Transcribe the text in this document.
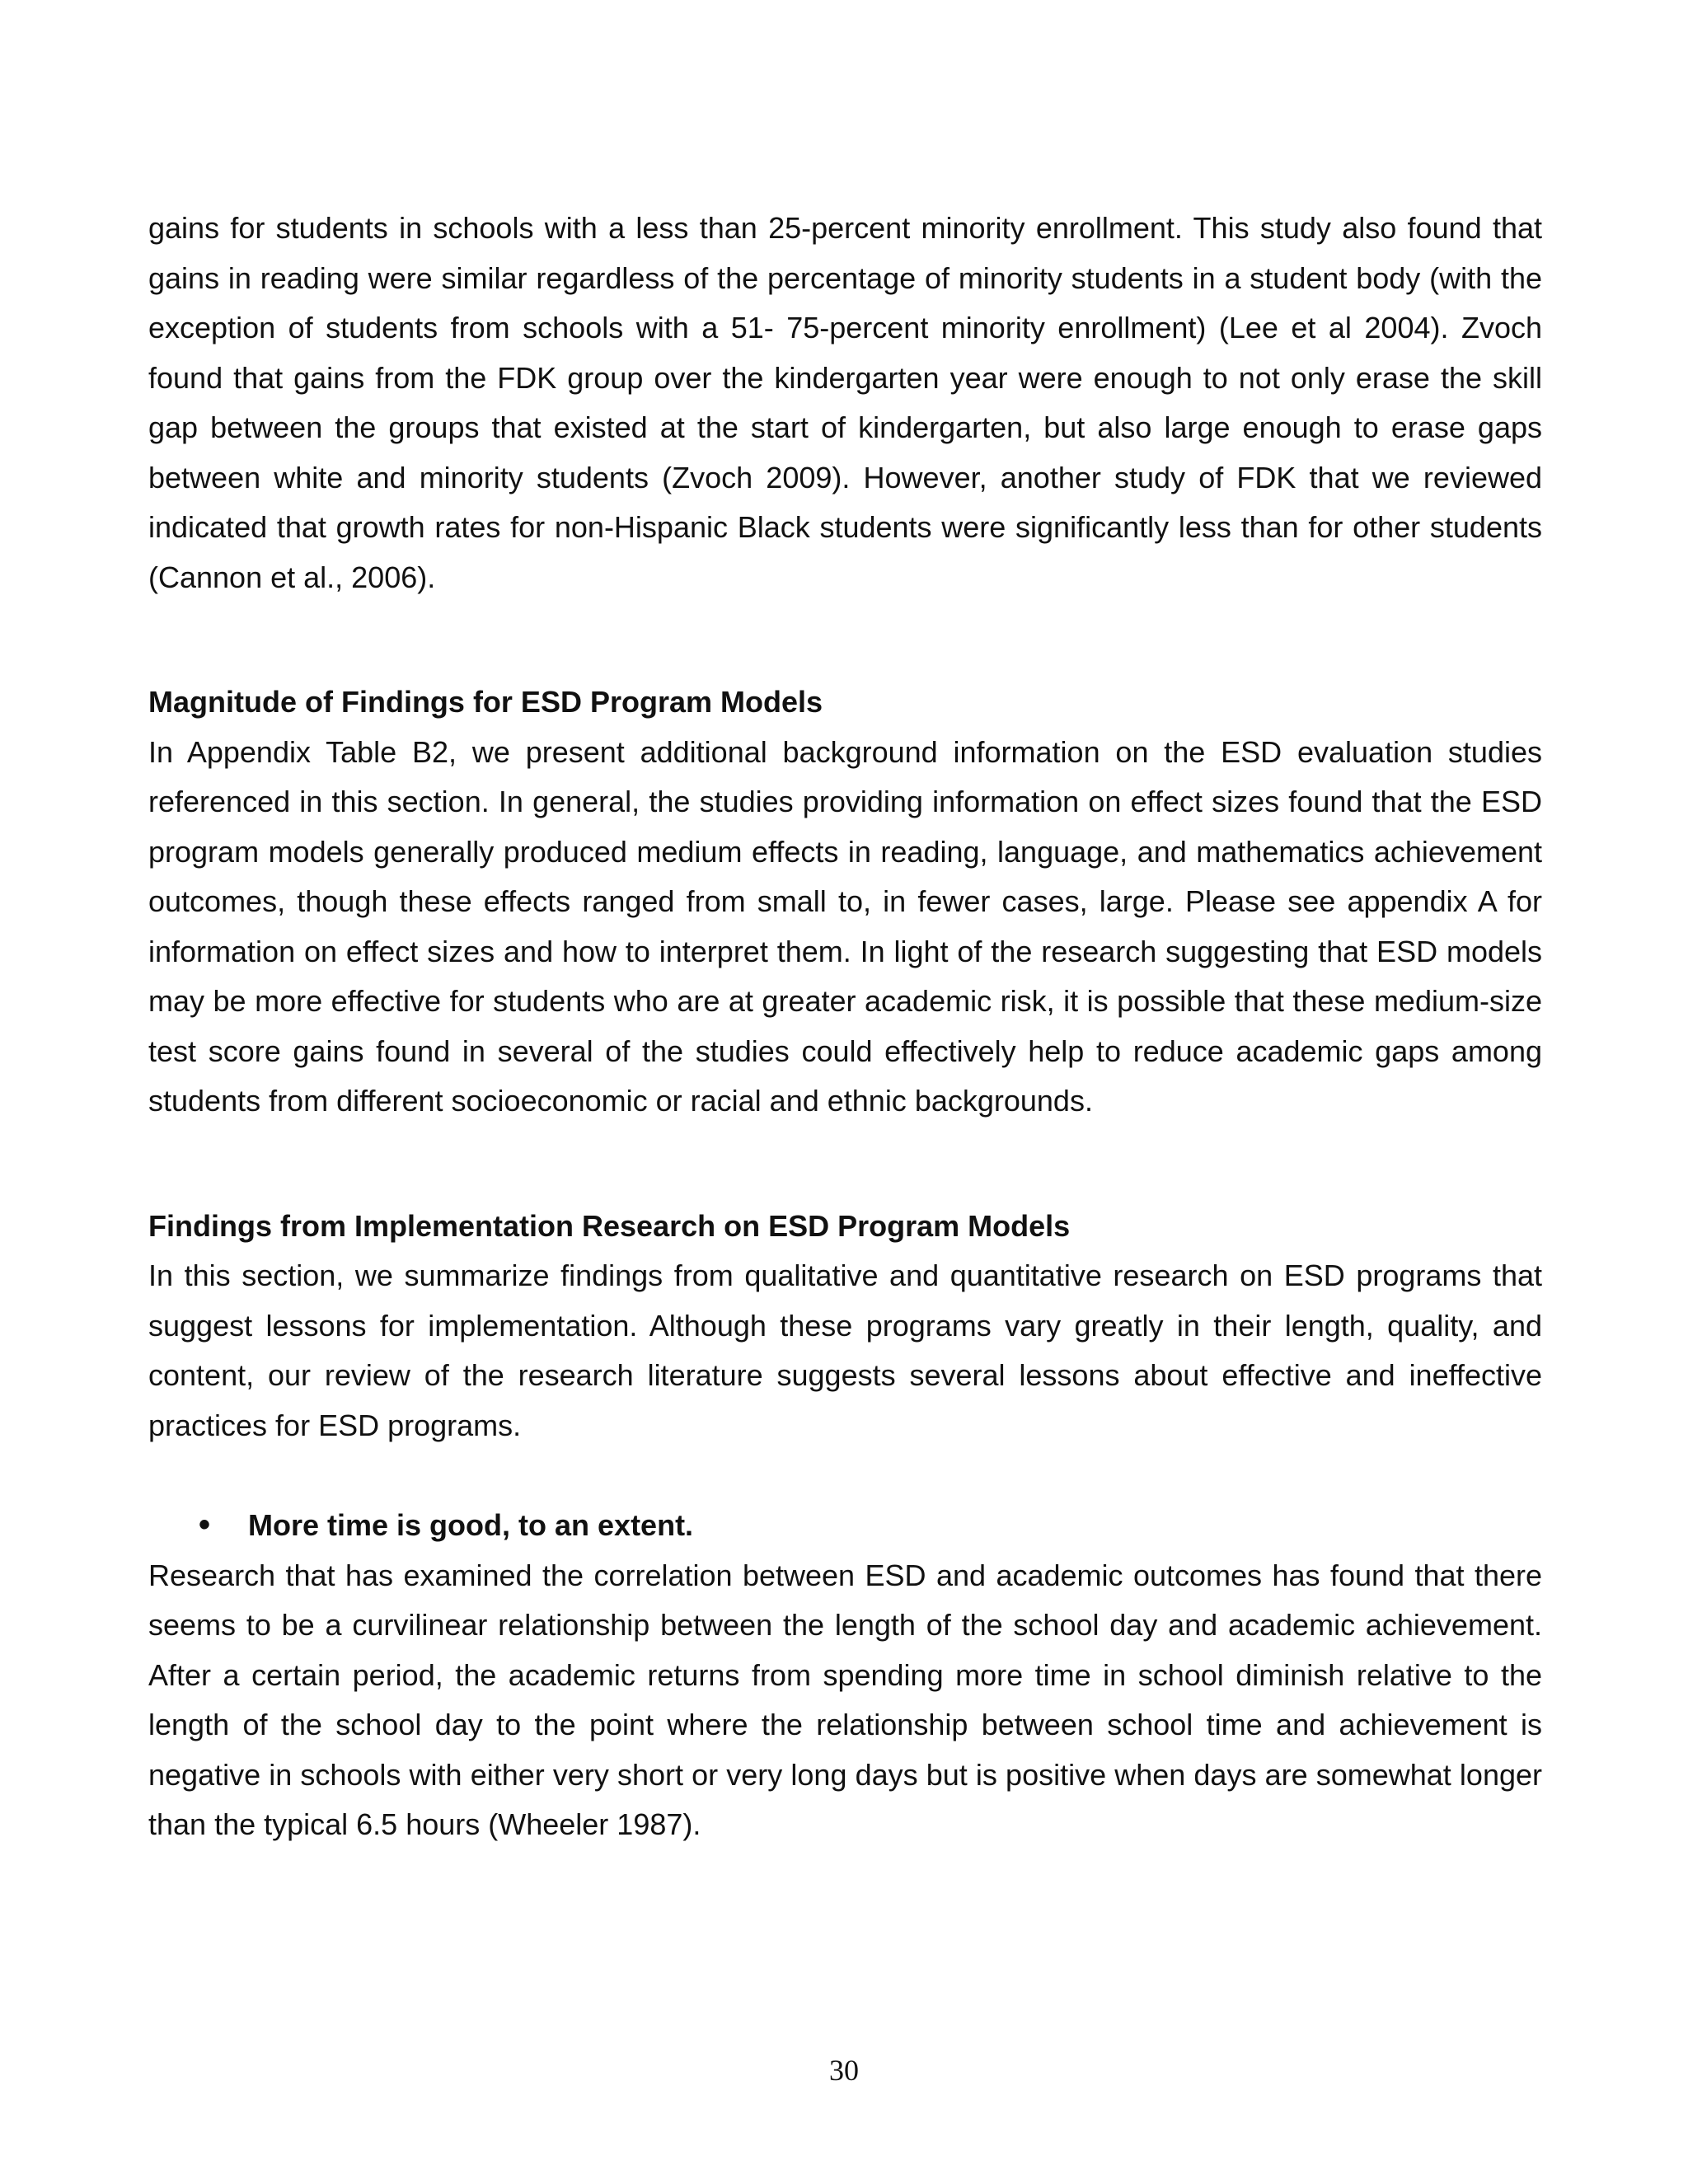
gains for students in schools with a less than 25-percent minority enrollment. This study also found that gains in reading were similar regardless of the percentage of minority students in a student body (with the exception of students from schools with a 51- 75-percent minority enrollment) (Lee et al 2004). Zvoch found that gains from the FDK group over the kindergarten year were enough to not only erase the skill gap between the groups that existed at the start of kindergarten, but also large enough to erase gaps between white and minority students (Zvoch 2009). However, another study of FDK that we reviewed indicated that growth rates for non-Hispanic Black students were significantly less than for other students (Cannon et al., 2006).

Magnitude of Findings for ESD Program Models

In Appendix Table B2, we present additional background information on the ESD evaluation studies referenced in this section. In general, the studies providing information on effect sizes found that the ESD program models generally produced medium effects in reading, language, and mathematics achievement outcomes, though these effects ranged from small to, in fewer cases, large. Please see appendix A for information on effect sizes and how to interpret them. In light of the research suggesting that ESD models may be more effective for students who are at greater academic risk, it is possible that these medium-size test score gains found in several of the studies could effectively help to reduce academic gaps among students from different socioeconomic or racial and ethnic backgrounds.

Findings from Implementation Research on ESD Program Models

In this section, we summarize findings from qualitative and quantitative research on ESD programs that suggest lessons for implementation. Although these programs vary greatly in their length, quality, and content, our review of the research literature suggests several lessons about effective and ineffective practices for ESD programs.

•	More time is good, to an extent.

Research that has examined the correlation between ESD and academic outcomes has found that there seems to be a curvilinear relationship between the length of the school day and academic achievement. After a certain period, the academic returns from spending more time in school diminish relative to the length of the school day to the point where the relationship between school time and achievement is negative in schools with either very short or very long days but is positive when days are somewhat longer than the typical 6.5 hours (Wheeler 1987).

30
